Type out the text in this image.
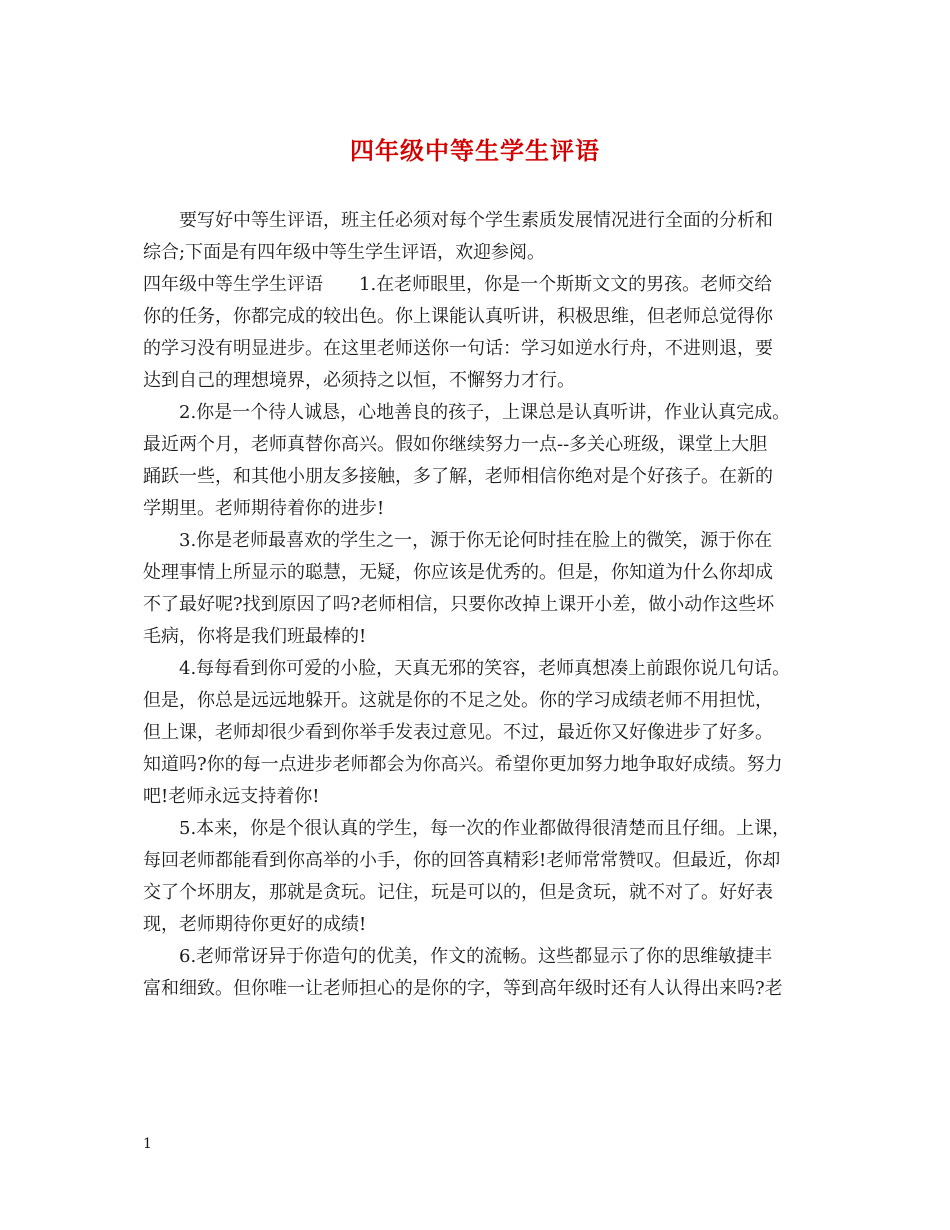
四年级中等生学生评语
要写好中等生评语，班主任必须对每个学生素质发展情况进行全面的分析和
综合;下面是有四年级中等生学生评语，欢迎参阅。
四年级中等生学生评语　　1.在老师眼里，你是一个斯斯文文的男孩。老师交给
你的任务，你都完成的较出色。你上课能认真听讲，积极思维，但老师总觉得你
的学习没有明显进步。在这里老师送你一句话：学习如逆水行舟，不进则退，要
达到自己的理想境界，必须持之以恒，不懈努力才行。
2.你是一个待人诚恳，心地善良的孩子，上课总是认真听讲，作业认真完成。
最近两个月，老师真替你高兴。假如你继续努力一点--多关心班级，课堂上大胆
踊跃一些，和其他小朋友多接触，多了解，老师相信你绝对是个好孩子。在新的
学期里。老师期待着你的进步!
3.你是老师最喜欢的学生之一，源于你无论何时挂在脸上的微笑，源于你在
处理事情上所显示的聪慧，无疑，你应该是优秀的。但是，你知道为什么你却成
不了最好呢?找到原因了吗?老师相信，只要你改掉上课开小差，做小动作这些坏
毛病，你将是我们班最棒的!
4.每每看到你可爱的小脸，天真无邪的笑容，老师真想凑上前跟你说几句话。
但是，你总是远远地躲开。这就是你的不足之处。你的学习成绩老师不用担忧，
但上课，老师却很少看到你举手发表过意见。不过，最近你又好像进步了好多。
知道吗?你的每一点进步老师都会为你高兴。希望你更加努力地争取好成绩。努力
吧!老师永远支持着你!
5.本来，你是个很认真的学生，每一次的作业都做得很清楚而且仔细。上课，
每回老师都能看到你高举的小手，你的回答真精彩!老师常常赞叹。但最近，你却
交了个坏朋友，那就是贪玩。记住，玩是可以的，但是贪玩，就不对了。好好表
现，老师期待你更好的成绩!
6.老师常讶异于你造句的优美，作文的流畅。这些都显示了你的思维敏捷丰
富和细致。但你唯一让老师担心的是你的字，等到高年级时还有人认得出来吗?老

1
